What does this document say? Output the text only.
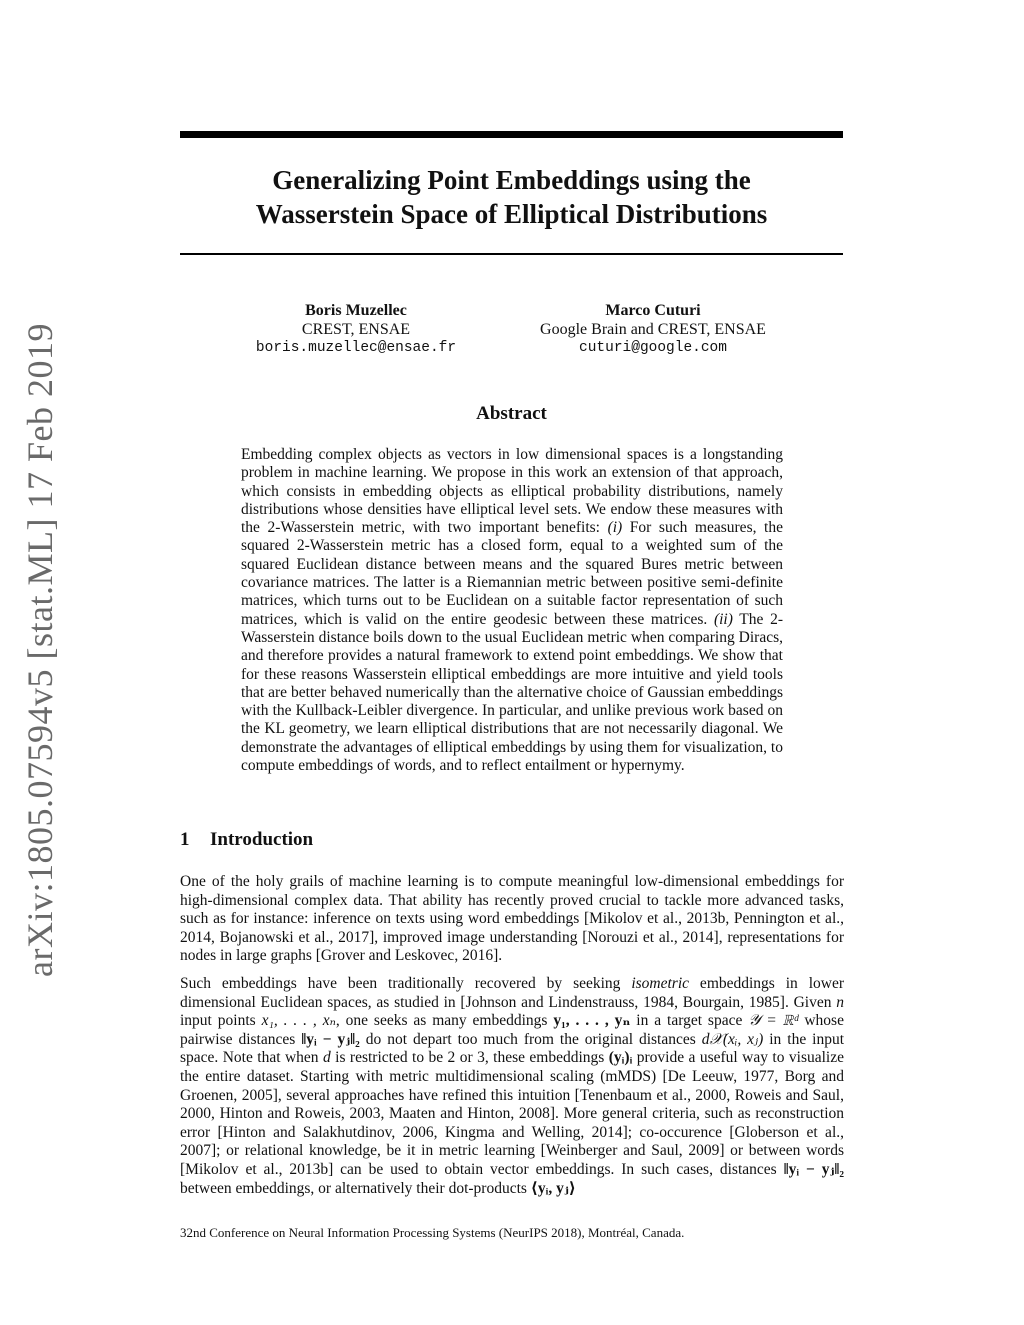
arXiv:1805.07594v5 [stat.ML] 17 Feb 2019
Generalizing Point Embeddings using the
Wasserstein Space of Elliptical Distributions
Boris Muzellec
CREST, ENSAE
boris.muzellec@ensae.fr
Marco Cuturi
Google Brain and CREST, ENSAE
cuturi@google.com
Abstract

Embedding complex objects as vectors in low dimensional spaces is a longstanding problem in machine learning. We propose in this work an extension of that approach, which consists in embedding objects as elliptical probability distributions, namely distributions whose densities have elliptical level sets. We endow these measures with the 2-Wasserstein metric, with two important benefits: (i) For such measures, the squared 2-Wasserstein metric has a closed form, equal to a weighted sum of the squared Euclidean distance between means and the squared Bures metric between covariance matrices. The latter is a Riemannian metric between positive semi-definite matrices, which turns out to be Euclidean on a suitable factor representation of such matrices, which is valid on the entire geodesic between these matrices. (ii) The 2-Wasserstein distance boils down to the usual Euclidean metric when comparing Diracs, and therefore provides a natural framework to extend point embeddings. We show that for these reasons Wasserstein elliptical embeddings are more intuitive and yield tools that are better behaved numerically than the alternative choice of Gaussian embeddings with the Kullback-Leibler divergence. In particular, and unlike previous work based on the KL geometry, we learn elliptical distributions that are not necessarily diagonal. We demonstrate the advantages of elliptical embeddings by using them for visualization, to compute embeddings of words, and to reflect entailment or hypernymy.

1 Introduction

One of the holy grails of machine learning is to compute meaningful low-dimensional embeddings for high-dimensional complex data. That ability has recently proved crucial to tackle more advanced tasks, such as for instance: inference on texts using word embeddings [Mikolov et al., 2013b, Pennington et al., 2014, Bojanowski et al., 2017], improved image understanding [Norouzi et al., 2014], representations for nodes in large graphs [Grover and Leskovec, 2016].

Such embeddings have been traditionally recovered by seeking isometric embeddings in lower dimensional Euclidean spaces, as studied in [Johnson and Lindenstrauss, 1984, Bourgain, 1985]. Given n input points x₁, . . . , xₙ, one seeks as many embeddings y₁, . . . , yₙ in a target space 𝒴 = ℝᵈ whose pairwise distances ‖yᵢ − yⱼ‖₂ do not depart too much from the original distances d𝒳(xᵢ, xⱼ) in the input space. Note that when d is restricted to be 2 or 3, these embeddings (yᵢ)ᵢ provide a useful way to visualize the entire dataset. Starting with metric multidimensional scaling (mMDS) [De Leeuw, 1977, Borg and Groenen, 2005], several approaches have refined this intuition [Tenenbaum et al., 2000, Roweis and Saul, 2000, Hinton and Roweis, 2003, Maaten and Hinton, 2008]. More general criteria, such as reconstruction error [Hinton and Salakhutdinov, 2006, Kingma and Welling, 2014]; co-occurence [Globerson et al., 2007]; or relational knowledge, be it in metric learning [Weinberger and Saul, 2009] or between words [Mikolov et al., 2013b] can be used to obtain vector embeddings. In such cases, distances ‖yᵢ − yⱼ‖₂ between embeddings, or alternatively their dot-products ⟨yᵢ, yⱼ⟩

32nd Conference on Neural Information Processing Systems (NeurIPS 2018), Montréal, Canada.
